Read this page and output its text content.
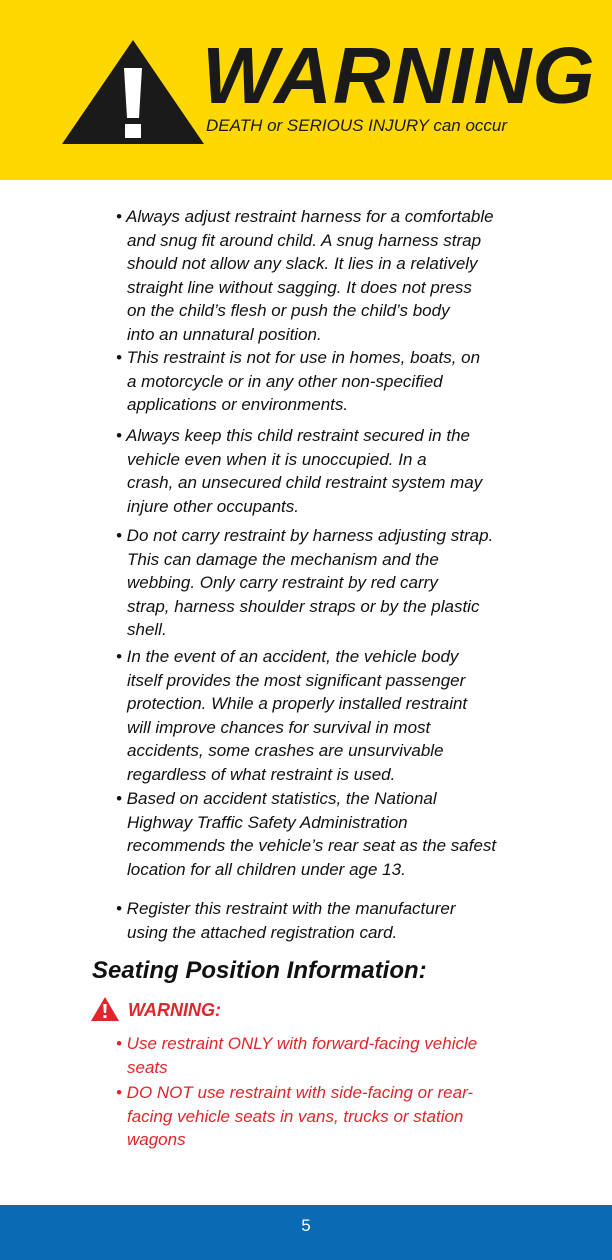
WARNING
DEATH or SERIOUS INJURY can occur
• Always adjust restraint harness for a comfortable
and snug fit around child. A snug harness strap
should not allow any slack. It lies in a relatively
straight line without sagging. It does not press
on the child’s flesh or push the child’s body
into an unnatural position.
• This restraint is not for use in homes, boats, on
a motorcycle or in any other non-specified
applications or environments.
• Always keep this child restraint secured in the
vehicle even when it is unoccupied. In a
crash, an unsecured child restraint system may
injure other occupants.
• Do not carry restraint by harness adjusting strap.
This can damage the mechanism and the
webbing. Only carry restraint by red carry
strap, harness shoulder straps or by the plastic
shell.
• In the event of an accident, the vehicle body
itself provides the most significant passenger
protection. While a properly installed restraint
will improve chances for survival in most
accidents, some crashes are unsurvivable
regardless of what restraint is used.
• Based on accident statistics, the National
Highway Traffic Safety Administration
recommends the vehicle’s rear seat as the safest
location for all children under age 13.
• Register this restraint with the manufacturer
using the attached registration card.
Seating Position Information:
WARNING:
• Use restraint ONLY with forward-facing vehicle
seats
• DO NOT use restraint with side-facing or rear-
facing vehicle seats in vans, trucks or station
wagons
5
